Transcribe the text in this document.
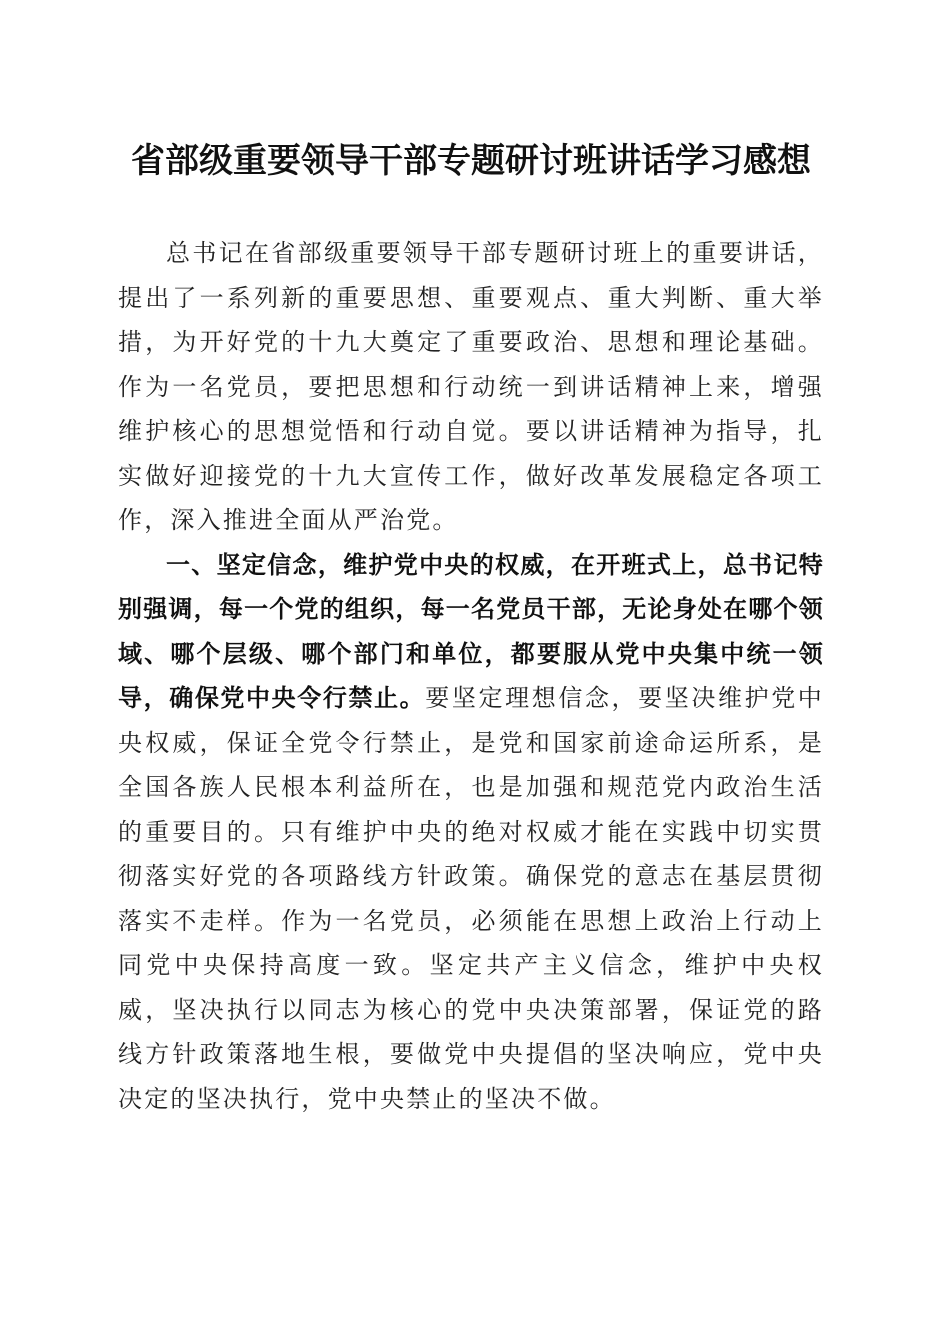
省部级重要领导干部专题研讨班讲话学习感想

总书记在省部级重要领导干部专题研讨班上的重要讲话，提出了一系列新的重要思想、重要观点、重大判断、重大举措，为开好党的十九大奠定了重要政治、思想和理论基础。作为一名党员，要把思想和行动统一到讲话精神上来，增强维护核心的思想觉悟和行动自觉。要以讲话精神为指导，扎实做好迎接党的十九大宣传工作，做好改革发展稳定各项工作，深入推进全面从严治党。

一、坚定信念，维护党中央的权威，在开班式上，总书记特别强调，每一个党的组织，每一名党员干部，无论身处在哪个领域、哪个层级、哪个部门和单位，都要服从党中央集中统一领导，确保党中央令行禁止。要坚定理想信念，要坚决维护党中央权威，保证全党令行禁止，是党和国家前途命运所系，是全国各族人民根本利益所在，也是加强和规范党内政治生活的重要目的。只有维护中央的绝对权威才能在实践中切实贯彻落实好党的各项路线方针政策。确保党的意志在基层贯彻落实不走样。作为一名党员，必须能在思想上政治上行动上同党中央保持高度一致。坚定共产主义信念，维护中央权威，坚决执行以同志为核心的党中央决策部署，保证党的路线方针政策落地生根，要做党中央提倡的坚决响应，党中央决定的坚决执行，党中央禁止的坚决不做。
